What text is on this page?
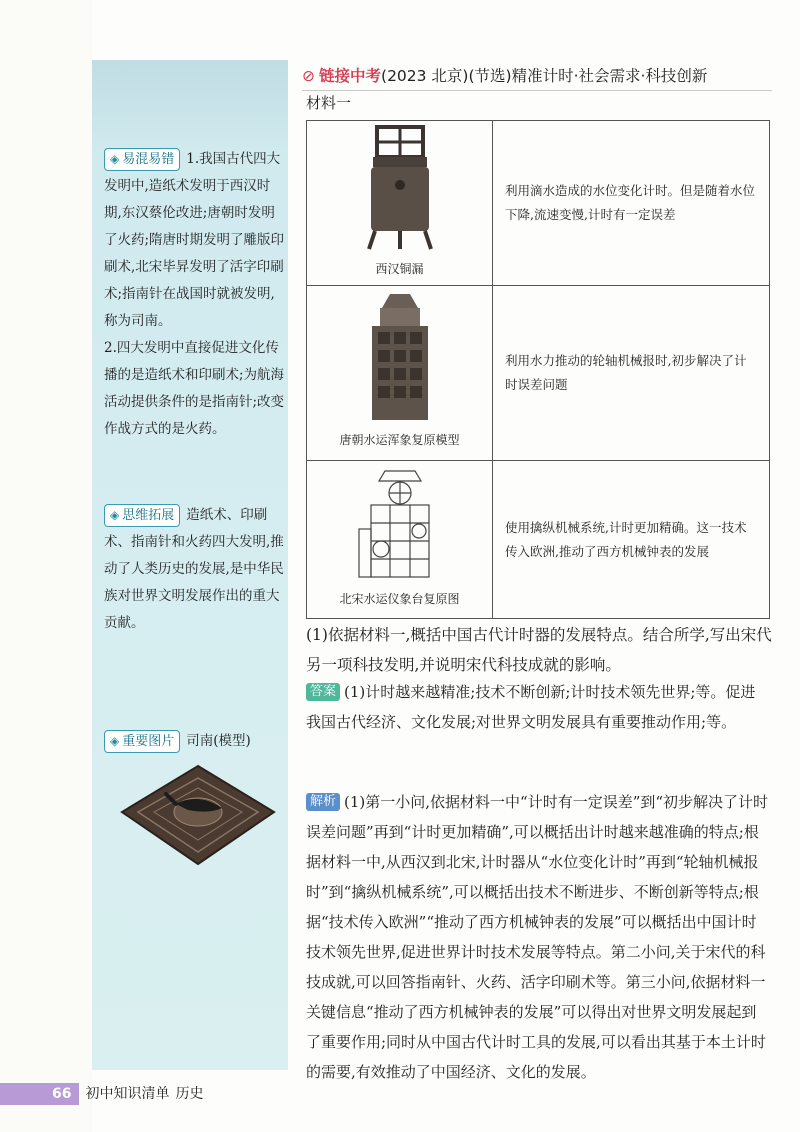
◈ 易混易错 1.我国古代四大发明中,造纸术发明于西汉时期,东汉蔡伦改进;唐朝时发明了火药;隋唐时期发明了雕版印刷术,北宋毕昇发明了活字印刷术;指南针在战国时就被发明,称为司南。

2.四大发明中直接促进文化传播的是造纸术和印刷术;为航海活动提供条件的是指南针;改变作战方式的是火药。

◈ 思维拓展 造纸术、印刷术、指南针和火药四大发明,推动了人类历史的发展,是中华民族对世界文明发展作出的重大贡献。

◈ 重要图片 司南(模型)
⊘ 链接中考(2023 北京)(节选)精准计时·社会需求·科技创新
材料一
西汉铜漏	利用滴水造成的水位变化计时。但是随着水位下降,流速变慢,计时有一定误差

唐朝水运浑象复原模型	利用水力推动的轮轴机械报时,初步解决了计时误差问题

北宋水运仪象台复原图	使用擒纵机械系统,计时更加精确。这一技术传入欧洲,推动了西方机械钟表的发展
(1)依据材料一,概括中国古代计时器的发展特点。结合所学,写出宋代另一项科技发明,并说明宋代科技成就的影响。

答案 (1)计时越来越精准;技术不断创新;计时技术领先世界;等。促进我国古代经济、文化发展;对世界文明发展具有重要推动作用;等。

解析 (1)第一小问,依据材料一中“计时有一定误差”到“初步解决了计时误差问题”再到“计时更加精确”,可以概括出计时越来越准确的特点;根据材料一中,从西汉到北宋,计时器从“水位变化计时”再到“轮轴机械报时”到“擒纵机械系统”,可以概括出技术不断进步、不断创新等特点;根据“技术传入欧洲”“推动了西方机械钟表的发展”可以概括出中国计时技术领先世界,促进世界计时技术发展等特点。第二小问,关于宋代的科技成就,可以回答指南针、火药、活字印刷术等。第三小问,依据材料一关键信息“推动了西方机械钟表的发展”可以得出对世界文明发展起到了重要作用;同时从中国古代计时工具的发展,可以看出其基于本土计时的需要,有效推动了中国经济、文化的发展。

66 初中知识清单 历史
